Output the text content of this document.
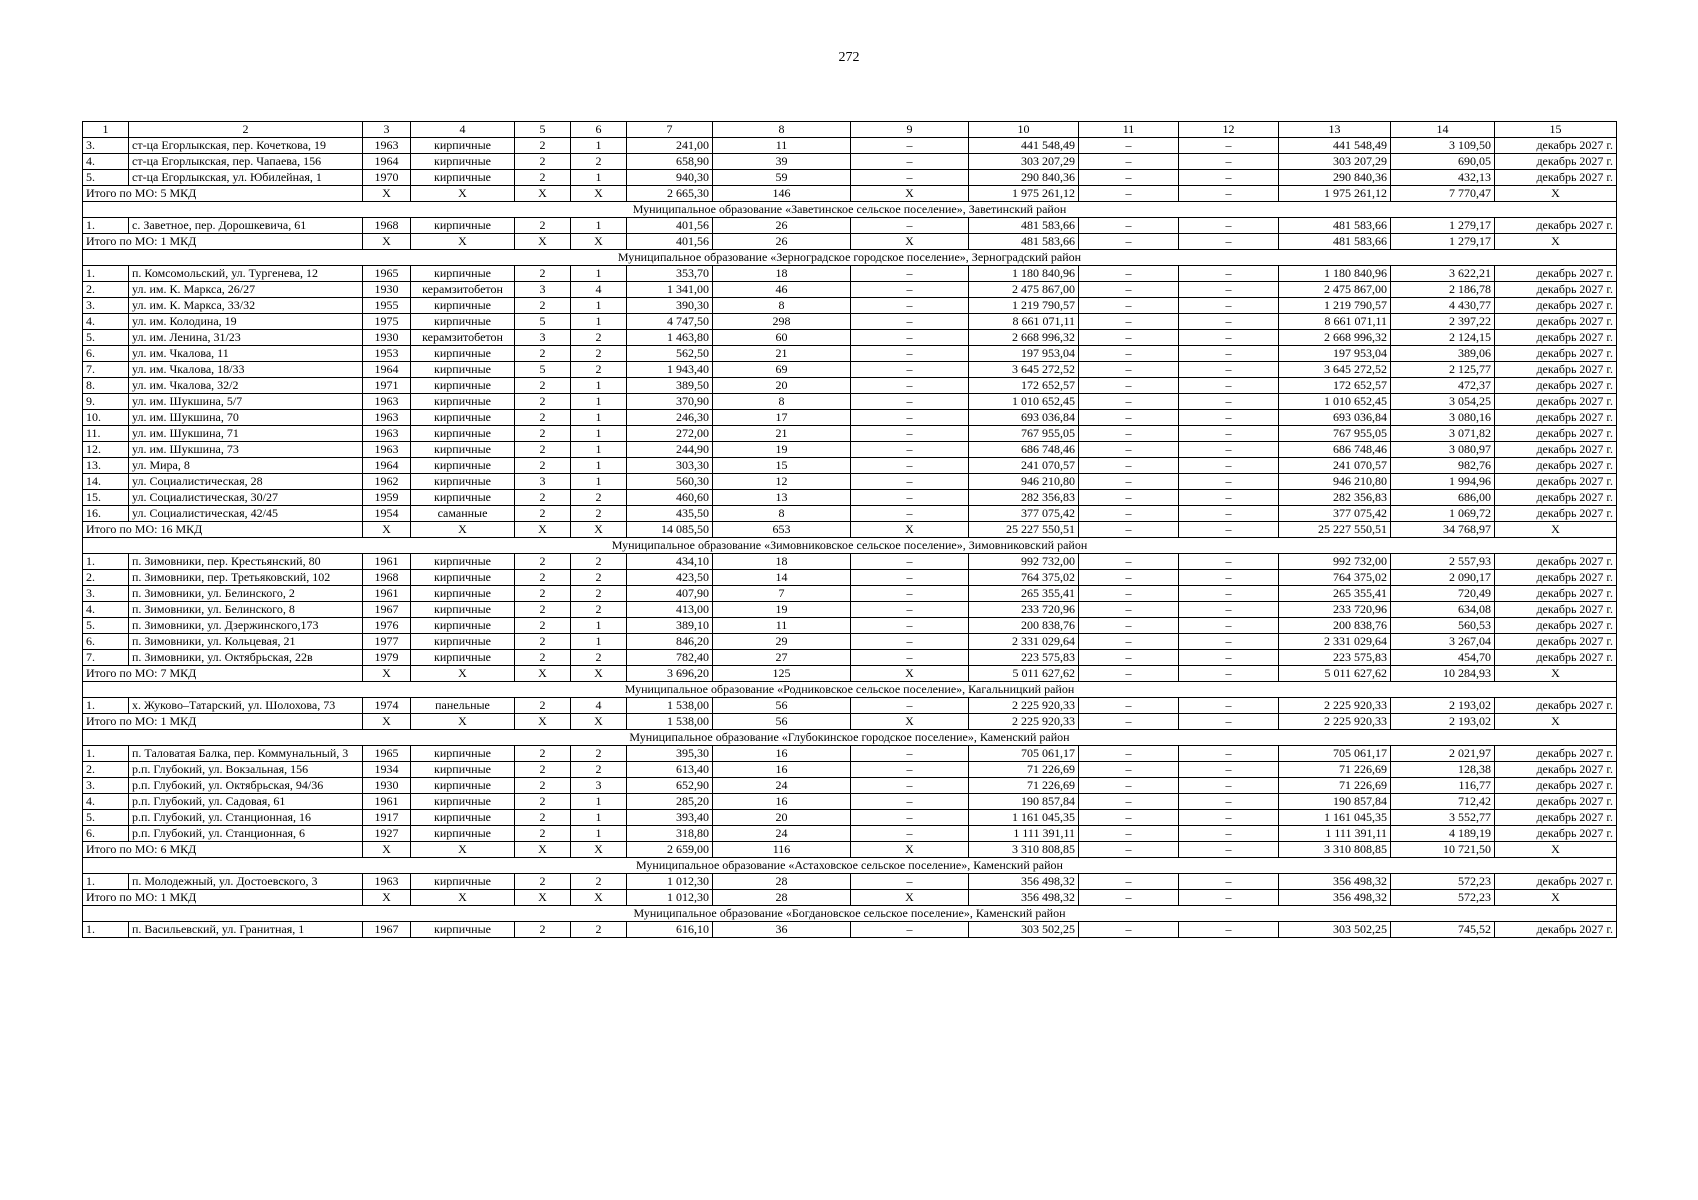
272
1	2	3	4	5	6	7	8	9	10	11	12	13	14	15
3.	ст-ца Егорлыкская, пер. Кочеткова, 19	1963	кирпичные	2	1	241,00	11	–	441 548,49	–	–	441 548,49	3 109,50	декабрь 2027 г.
4.	ст-ца Егорлыкская, пер. Чапаева, 156	1964	кирпичные	2	2	658,90	39	–	303 207,29	–	–	303 207,29	690,05	декабрь 2027 г.
5.	ст-ца Егорлыкская, ул. Юбилейная, 1	1970	кирпичные	2	1	940,30	59	–	290 840,36	–	–	290 840,36	432,13	декабрь 2027 г.
Итого по МО: 5 МКД		X	X	X	X	2 665,30	146	X	1 975 261,12	–	–	1 975 261,12	7 770,47	X
Муниципальное образование «Заветинское сельское поселение», Заветинский район														
1.	с. Заветное, пер. Дорошкевича, 61	1968	кирпичные	2	1	401,56	26	–	481 583,66	–	–	481 583,66	1 279,17	декабрь 2027 г.
Итого по МО: 1 МКД		X	X	X	X	401,56	26	X	481 583,66	–	–	481 583,66	1 279,17	X
Муниципальное образование «Зерноградское городское поселение», Зерноградский район														
1.	п. Комсомольский, ул. Тургенева, 12	1965	кирпичные	2	1	353,70	18	–	1 180 840,96	–	–	1 180 840,96	3 622,21	декабрь 2027 г.
2.	ул. им. К. Маркса, 26/27	1930	керамзитобетон	3	4	1 341,00	46	–	2 475 867,00	–	–	2 475 867,00	2 186,78	декабрь 2027 г.
3.	ул. им. К. Маркса, 33/32	1955	кирпичные	2	1	390,30	8	–	1 219 790,57	–	–	1 219 790,57	4 430,77	декабрь 2027 г.
4.	ул. им. Колодина, 19	1975	кирпичные	5	1	4 747,50	298	–	8 661 071,11	–	–	8 661 071,11	2 397,22	декабрь 2027 г.
5.	ул. им. Ленина, 31/23	1930	керамзитобетон	3	2	1 463,80	60	–	2 668 996,32	–	–	2 668 996,32	2 124,15	декабрь 2027 г.
6.	ул. им. Чкалова, 11	1953	кирпичные	2	2	562,50	21	–	197 953,04	–	–	197 953,04	389,06	декабрь 2027 г.
7.	ул. им. Чкалова, 18/33	1964	кирпичные	5	2	1 943,40	69	–	3 645 272,52	–	–	3 645 272,52	2 125,77	декабрь 2027 г.
8.	ул. им. Чкалова, 32/2	1971	кирпичные	2	1	389,50	20	–	172 652,57	–	–	172 652,57	472,37	декабрь 2027 г.
9.	ул. им. Шукшина, 5/7	1963	кирпичные	2	1	370,90	8	–	1 010 652,45	–	–	1 010 652,45	3 054,25	декабрь 2027 г.
10.	ул. им. Шукшина, 70	1963	кирпичные	2	1	246,30	17	–	693 036,84	–	–	693 036,84	3 080,16	декабрь 2027 г.
11.	ул. им. Шукшина, 71	1963	кирпичные	2	1	272,00	21	–	767 955,05	–	–	767 955,05	3 071,82	декабрь 2027 г.
12.	ул. им. Шукшина, 73	1963	кирпичные	2	1	244,90	19	–	686 748,46	–	–	686 748,46	3 080,97	декабрь 2027 г.
13.	ул. Мира, 8	1964	кирпичные	2	1	303,30	15	–	241 070,57	–	–	241 070,57	982,76	декабрь 2027 г.
14.	ул. Социалистическая, 28	1962	кирпичные	3	1	560,30	12	–	946 210,80	–	–	946 210,80	1 994,96	декабрь 2027 г.
15.	ул. Социалистическая, 30/27	1959	кирпичные	2	2	460,60	13	–	282 356,83	–	–	282 356,83	686,00	декабрь 2027 г.
16.	ул. Социалистическая, 42/45	1954	саманные	2	2	435,50	8	–	377 075,42	–	–	377 075,42	1 069,72	декабрь 2027 г.
Итого по МО: 16 МКД		X	X	X	X	14 085,50	653	X	25 227 550,51	–	–	25 227 550,51	34 768,97	X
Муниципальное образование «Зимовниковское сельское поселение», Зимовниковский район														
1.	п. Зимовники, пер. Крестьянский, 80	1961	кирпичные	2	2	434,10	18	–	992 732,00	–	–	992 732,00	2 557,93	декабрь 2027 г.
2.	п. Зимовники, пер. Третьяковский, 102	1968	кирпичные	2	2	423,50	14	–	764 375,02	–	–	764 375,02	2 090,17	декабрь 2027 г.
3.	п. Зимовники, ул. Белинского, 2	1961	кирпичные	2	2	407,90	7	–	265 355,41	–	–	265 355,41	720,49	декабрь 2027 г.
4.	п. Зимовники, ул. Белинского, 8	1967	кирпичные	2	2	413,00	19	–	233 720,96	–	–	233 720,96	634,08	декабрь 2027 г.
5.	п. Зимовники, ул. Дзержинского,173	1976	кирпичные	2	1	389,10	11	–	200 838,76	–	–	200 838,76	560,53	декабрь 2027 г.
6.	п. Зимовники, ул. Кольцевая, 21	1977	кирпичные	2	1	846,20	29	–	2 331 029,64	–	–	2 331 029,64	3 267,04	декабрь 2027 г.
7.	п. Зимовники, ул. Октябрьская, 22в	1979	кирпичные	2	2	782,40	27	–	223 575,83	–	–	223 575,83	454,70	декабрь 2027 г.
Итого по МО: 7 МКД		X	X	X	X	3 696,20	125	X	5 011 627,62	–	–	5 011 627,62	10 284,93	X
Муниципальное образование «Родниковское сельское поселение», Кагальницкий район														
1.	х. Жуково–Татарский, ул. Шолохова, 73	1974	панельные	2	4	1 538,00	56	–	2 225 920,33	–	–	2 225 920,33	2 193,02	декабрь 2027 г.
Итого по МО: 1 МКД		X	X	X	X	1 538,00	56	X	2 225 920,33	–	–	2 225 920,33	2 193,02	X
Муниципальное образование «Глубокинское городское поселение», Каменский район														
1.	п. Таловатая Балка, пер. Коммунальный, 3	1965	кирпичные	2	2	395,30	16	–	705 061,17	–	–	705 061,17	2 021,97	декабрь 2027 г.
2.	р.п. Глубокий, ул. Вокзальная, 156	1934	кирпичные	2	2	613,40	16	–	71 226,69	–	–	71 226,69	128,38	декабрь 2027 г.
3.	р.п. Глубокий, ул. Октябрьская, 94/36	1930	кирпичные	2	3	652,90	24	–	71 226,69	–	–	71 226,69	116,77	декабрь 2027 г.
4.	р.п. Глубокий, ул. Садовая, 61	1961	кирпичные	2	1	285,20	16	–	190 857,84	–	–	190 857,84	712,42	декабрь 2027 г.
5.	р.п. Глубокий, ул. Станционная, 16	1917	кирпичные	2	1	393,40	20	–	1 161 045,35	–	–	1 161 045,35	3 552,77	декабрь 2027 г.
6.	р.п. Глубокий, ул. Станционная, 6	1927	кирпичные	2	1	318,80	24	–	1 111 391,11	–	–	1 111 391,11	4 189,19	декабрь 2027 г.
Итого по МО: 6 МКД		X	X	X	X	2 659,00	116	X	3 310 808,85	–	–	3 310 808,85	10 721,50	X
Муниципальное образование «Астаховское сельское поселение», Каменский район														
1.	п. Молодежный, ул. Достоевского, 3	1963	кирпичные	2	2	1 012,30	28	–	356 498,32	–	–	356 498,32	572,23	декабрь 2027 г.
Итого по МО: 1 МКД		X	X	X	X	1 012,30	28	X	356 498,32	–	–	356 498,32	572,23	X
Муниципальное образование «Богдановское сельское поселение», Каменский район														
1.	п. Васильевский, ул. Гранитная, 1	1967	кирпичные	2	2	616,10	36	–	303 502,25	–	–	303 502,25	745,52	декабрь 2027 г.
